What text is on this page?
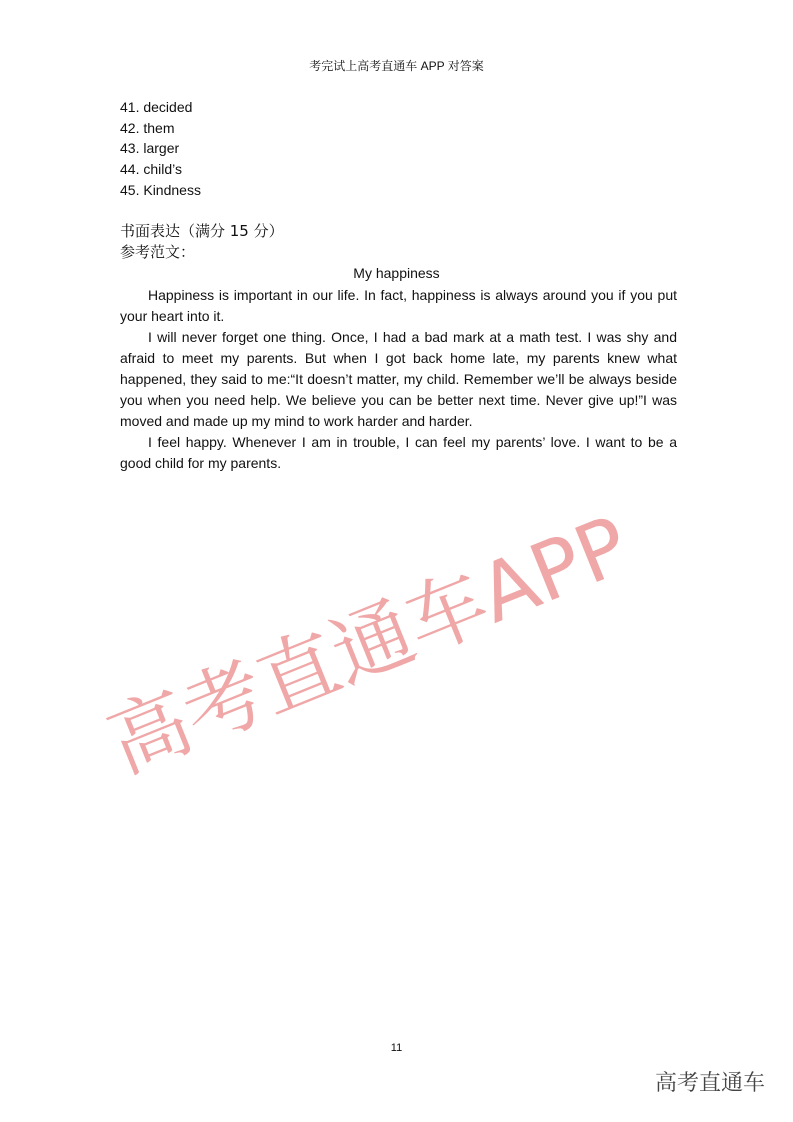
考完试上高考直通车 APP 对答案
41. decided
42. them
43. larger
44. child’s
45. Kindness
书面表达（满分 15 分）
参考范文：
My happiness

Happiness is important in our life. In fact, happiness is always around you if you put your heart into it.

I will never forget one thing. Once, I had a bad mark at a math test. I was shy and afraid to meet my parents. But when I got back home late, my parents knew what happened, they said to me:“It doesn’t matter, my child. Remember we’ll be always beside you when you need help. We believe you can be better next time. Never give up!”I was moved and made up my mind to work harder and harder.

I feel happy. Whenever I am in trouble, I can feel my parents’ love. I want to be a good child for my parents.

高考直通车APP
11
高考直通车
